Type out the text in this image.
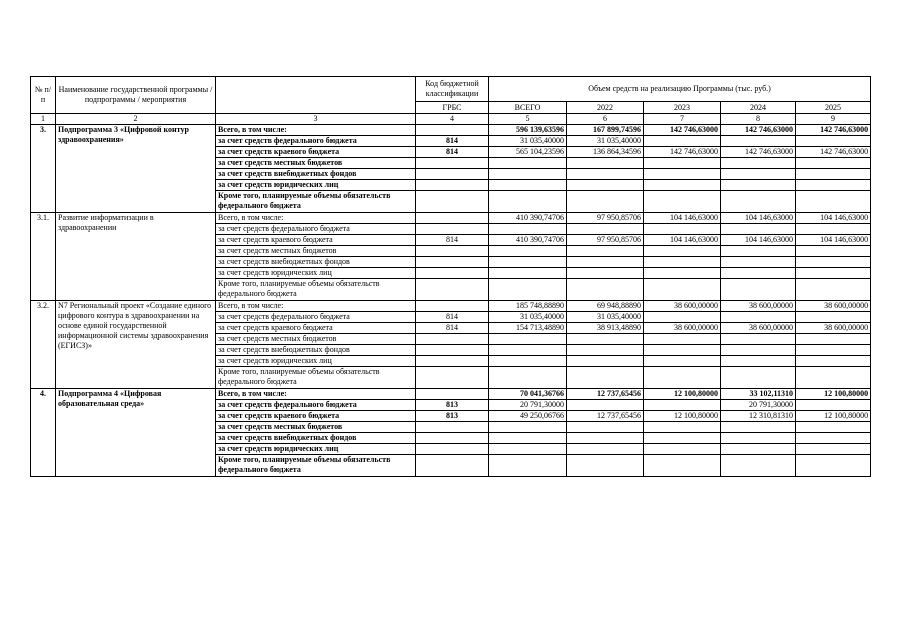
№ п/п	Наименование государственной программы / подпрограммы / мероприятия		Код бюджетной классификации	Объем средств на реализацию Программы (тыс. руб.)				
			ГРБС	ВСЕГО	2022	2023	2024	2025
1	2	3	4	5	6	7	8	9
3.	Подпрограмма 3 «Цифровой контур здравоохранения»	Всего, в том числе:		596 139,63596	167 899,74596	142 746,63000	142 746,63000	142 746,63000
		за счет средств федерального бюджета	814	31 035,40000	31 035,40000			
		за счет средств краевого бюджета	814	565 104,23596	136 864,34596	142 746,63000	142 746,63000	142 746,63000
		за счет средств местных бюджетов						
		за счет средств внебюджетных фондов						
		за счет средств юридических лиц						
		Кроме того, планируемые объемы обязательств федерального бюджета						
3.1.	Развитие информатизации в здравоохранении	Всего, в том числе:		410 390,74706	97 950,85706	104 146,63000	104 146,63000	104 146,63000
		за счет средств федерального бюджета						
		за счет средств краевого бюджета	814	410 390,74706	97 950,85706	104 146,63000	104 146,63000	104 146,63000
		за счет средств местных бюджетов						
		за счет средств внебюджетных фондов						
		за счет средств юридических лиц						
		Кроме того, планируемые объемы обязательств федерального бюджета						
3.2.	N7 Региональный проект «Создание единого цифрового контура в здравоохранении на основе единой государственной информационной системы здравоохранения (ЕГИСЗ)»	Всего, в том числе:		185 748,88890	69 948,88890	38 600,00000	38 600,00000	38 600,00000
		за счет средств федерального бюджета	814	31 035,40000	31 035,40000			
		за счет средств краевого бюджета	814	154 713,48890	38 913,48890	38 600,00000	38 600,00000	38 600,00000
		за счет средств местных бюджетов						
		за счет средств внебюджетных фондов						
		за счет средств юридических лиц						
		Кроме того, планируемые объемы обязательств федерального бюджета						
4.	Подпрограмма 4 «Цифровая образовательная среда»	Всего, в том числе:		70 041,36766	12 737,65456	12 100,80000	33 102,11310	12 100,80000
		за счет средств федерального бюджета	813	20 791,30000			20 791,30000	
		за счет средств краевого бюджета	813	49 250,06766	12 737,65456	12 100,80000	12 310,81310	12 100,80000
		за счет средств местных бюджетов						
		за счет средств внебюджетных фондов						
		за счет средств юридических лиц						
		Кроме того, планируемые объемы обязательств федерального бюджета						
